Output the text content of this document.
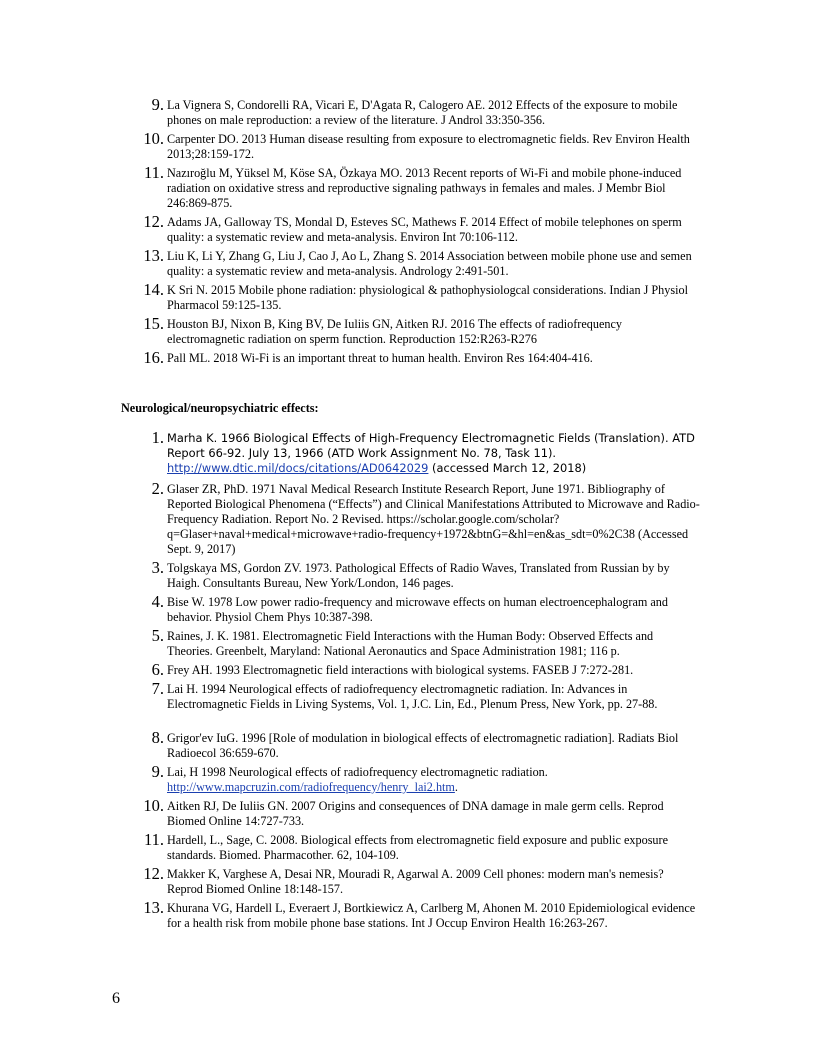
9. La Vignera S, Condorelli RA, Vicari E, D'Agata R, Calogero AE. 2012 Effects of the exposure to mobile phones on male reproduction: a review of the literature. J Androl 33:350-356.
10. Carpenter DO. 2013 Human disease resulting from exposure to electromagnetic fields. Rev Environ Health 2013;28:159-172.
11. Nazıroğlu M, Yüksel M, Köse SA, Özkaya MO. 2013 Recent reports of Wi-Fi and mobile phone-induced radiation on oxidative stress and reproductive signaling pathways in females and males. J Membr Biol 246:869-875.
12. Adams JA, Galloway TS, Mondal D, Esteves SC, Mathews F. 2014 Effect of mobile telephones on sperm quality: a systematic review and meta-analysis. Environ Int 70:106-112.
13. Liu K, Li Y, Zhang G, Liu J, Cao J, Ao L, Zhang S. 2014 Association between mobile phone use and semen quality: a systematic review and meta-analysis. Andrology 2:491-501.
14. K Sri N. 2015 Mobile phone radiation: physiological & pathophysiologcal considerations. Indian J Physiol Pharmacol 59:125-135.
15. Houston BJ, Nixon B, King BV, De Iuliis GN, Aitken RJ. 2016 The effects of radiofrequency electromagnetic radiation on sperm function. Reproduction 152:R263-R276
16. Pall ML. 2018 Wi-Fi is an important threat to human health. Environ Res 164:404-416.
Neurological/neuropsychiatric effects:
1. Marha K. 1966 Biological Effects of High-Frequency Electromagnetic Fields (Translation). ATD Report 66-92. July 13, 1966 (ATD Work Assignment No. 78, Task 11). http://www.dtic.mil/docs/citations/AD0642029 (accessed March 12, 2018)
2. Glaser ZR, PhD. 1971 Naval Medical Research Institute Research Report, June 1971. Bibliography of Reported Biological Phenomena (“Effects”) and Clinical Manifestations Attributed to Microwave and Radio-Frequency Radiation. Report No. 2 Revised. https://scholar.google.com/scholar?q=Glaser+naval+medical+microwave+radio-frequency+1972&btnG=&hl=en&as_sdt=0%2C38 (Accessed Sept. 9, 2017)
3. Tolgskaya MS, Gordon ZV. 1973. Pathological Effects of Radio Waves, Translated from Russian by by Haigh. Consultants Bureau, New York/London, 146 pages.
4. Bise W. 1978 Low power radio-frequency and microwave effects on human electroencephalogram and behavior. Physiol Chem Phys 10:387-398.
5. Raines, J. K. 1981. Electromagnetic Field Interactions with the Human Body: Observed Effects and Theories. Greenbelt, Maryland: National Aeronautics and Space Administration 1981; 116 p.
6. Frey AH. 1993 Electromagnetic field interactions with biological systems. FASEB J 7:272-281.
7. Lai H. 1994 Neurological effects of radiofrequency electromagnetic radiation. In: Advances in Electromagnetic Fields in Living Systems, Vol. 1, J.C. Lin, Ed., Plenum Press, New York, pp. 27-88.
8. Grigor'ev IuG. 1996 [Role of modulation in biological effects of electromagnetic radiation]. Radiats Biol Radioecol 36:659-670.
9. Lai, H 1998 Neurological effects of radiofrequency electromagnetic radiation.
http://www.mapcruzin.com/radiofrequency/henry_lai2.htm.
10. Aitken RJ, De Iuliis GN. 2007 Origins and consequences of DNA damage in male germ cells. Reprod Biomed Online 14:727-733.
11. Hardell, L., Sage, C. 2008. Biological effects from electromagnetic field exposure and public exposure standards. Biomed. Pharmacother. 62, 104-109.
12. Makker K, Varghese A, Desai NR, Mouradi R, Agarwal A. 2009 Cell phones: modern man's nemesis? Reprod Biomed Online 18:148-157.
13. Khurana VG, Hardell L, Everaert J, Bortkiewicz A, Carlberg M, Ahonen M. 2010 Epidemiological evidence for a health risk from mobile phone base stations. Int J Occup Environ Health 16:263-267.
6
